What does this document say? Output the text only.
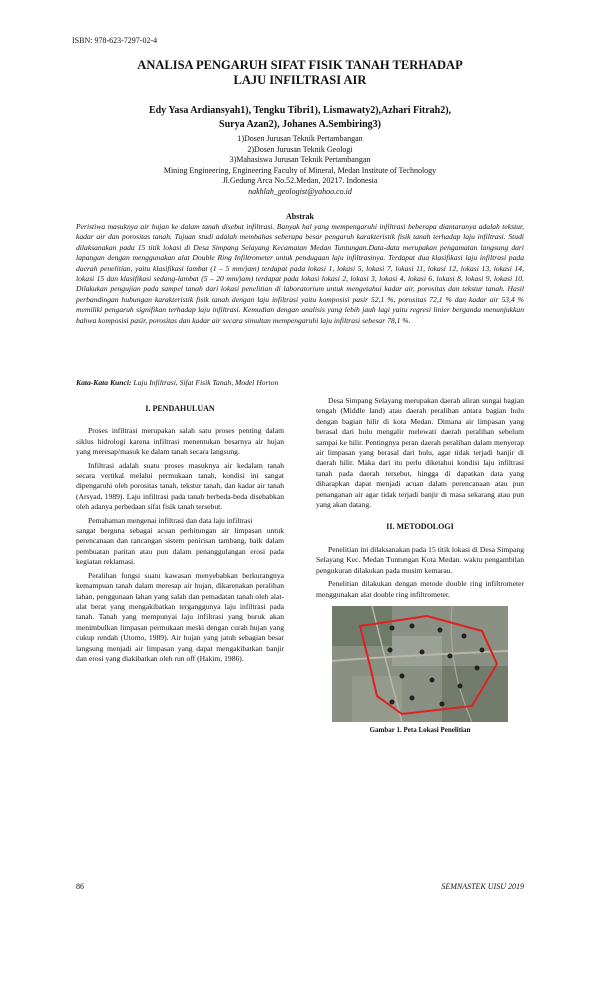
ISBN: 978-623-7297-02-4
ANALISA PENGARUH SIFAT FISIK TANAH TERHADAP
LAJU INFILTRASI AIR
Edy Yasa Ardiansyah1), Tengku Tibri1), Lismawaty2),Azhari Fitrah2),
Surya Azan2), Johanes A.Sembiring3)
1)Dosen Jurusan Teknik Pertambangan
2)Dosen Jurusan Teknik Geologi
3)Mahasiswa Jurusan Teknik Pertambangan
Mining Engineering, Engineering Faculty of Mineral, Medan Institute of Technology
Jl.Gedung Arca No.52.Medan, 20217. Indonesia
nakhlah_geologist@yahoo.co.id
Abstrak
Peristiwa masuknya air hujan ke dalam tanah disebut infiltrasi. Banyak hal yang mempengaruhi infiltrasi beberapa diantaranya adalah tekstur, kadar air dan porositas tanah. Tujuan studi adalah membahas seberapa besar pengaruh karakteristik fisik tanah terhadap laju infiltrasi. Studi dilaksanakan pada 15 titik lokasi di Desa Simpang Selayang Kecamatan Medan Tuntungan.Data-data merupakan pengamatan langsung dari lapangan dengan menggunakan alat Double Ring Infiltrometer untuk pendugaan laju infiltrasinya. Terdapat dua klasifikasi laju infiltrasi pada daerah penelitian, yaitu klasifikasi lambat (1 – 5 mm/jam) terdapat pada lokasi 1, lokasi 5, lokasi 7, lokasi 11, lokasi 12, lokasi 13, lokasi 14, lokasi 15 dan klasifikasi sedang-lambat (5 – 20 mm/jam) terdapat pada lokasi lokasi 2, lokasi 3, lokasi 4, lokasi 6, lokasi 8, lokasi 9, lokasi 10. Dilakukan pengujian pada sampel tanah dari lokasi penelitian di laboratorium untuk mengetahui kadar air, porositas dan tekstur tanah. Hasil perbandingan hubungan karakteristik fisik tanah dengan laju infiltrasi yaitu komposisi pasir 52,1 %, porositas 72,1 % dan kadar air 53,4 % memiliki pengaruh signifikan terhadap laju infiltrasi. Kemudian dengan analisis yang lebih jauh lagi yaitu regresi linier berganda menunjukkan bahwa komposisi pasir, porositas dan kadar air secara simultan mempengaruhi laju infiltrasi sebesar 78,1 %.
Kata-Kata Kunci: Laju Infiltrasi, Sifat Fisik Tanah, Model Horton
I. PENDAHULUAN

Proses infiltrasi merupakan salah satu proses penting dalam siklus hidrologi karena infiltrasi menentukan besarnya air hujan yang meresap/masuk ke dalam tanah secara langsung.

Infiltrasi adalah suatu proses masuknya air kedalam tanah secara vertikal melalui permukaan tanah, kondisi ini sangat dipengaruhi oleh porositas tanah, tekstur tanah, dan kadar air tanah (Arsyad, 1989). Laju infiltrasi pada tanah berbeda-beda disebabkan oleh adanya perbedaan sifat fisik tanah tersebut.

Pemahaman mengenai infiltrasi dan data laju infiltrasi

sangat berguna sebagai acuan perhitungan air limpasan untuk perencanaan dan rancangan sistem penirisan tambang, baik dalam pembuatan paritan atau pun dalam penanggulangan erosi pada kegiatan reklamasi.

Peralihan fungsi suatu kawasan menyebabkan berkurangnya kemampuan tanah dalam meresap air hujan, dikarenakan peralihan lahan, penggunaan lahan yang salah dan pemadatan tanah oleh alat-alat berat yang mengakibatkan terganggunya laju infiltrasi pada tanah. Tanah yang mempunyai laju infiltrasi yang buruk akan menimbulkan limpasan permukaan meski dengan curah hujan yang cukup rendah (Utomo, 1989). Air hujan yang jatuh sebagian besar langsung menjadi air limpasan yang dapat mengakibatkan banjir dan erosi yang diakibatkan oleh run off (Hakim, 1986).

Desa Simpang Selayang merupakan daerah aliran sungai bagian tengah (Middle land) atau daerah peralihan antara bagian hulu dengan bagian hilir di kota Medan. Dimana air limpasan yang berasal dari hulu mengalir melewati daerah peralihan sebelum sampai ke hilir. Pentingnya peran daerah peralihan dalam menyerap air limpasan yang berasal dari hulu, agar tidak terjadi banjir di daerah hilir. Maka dari itu perlu diketahui kondisi laju infiltrasi tanah pada daerah tersebut, hingga di dapatkan data yang diharapkan dapat menjadi acuan dalam perencanaan atau pun penanganan air agar tidak terjadi banjir di masa sekarang atau pun yang akan datang.

II. METODOLOGI

Penelitian ini dilaksanakan pada 15 titik lokasi di Desa Simpang Selayang Kec. Medan Tuntungan Kota Medan. waktu pengambilan pengukuran dilakukan pada musim kemarau.

Penelitian dilakukan dengan metode double ring infiltrometer menggunakan alat double ring infiltrometer.

Gambar 1. Peta Lokasi Penelitian
86	SEMNASTEK UISU 2019
